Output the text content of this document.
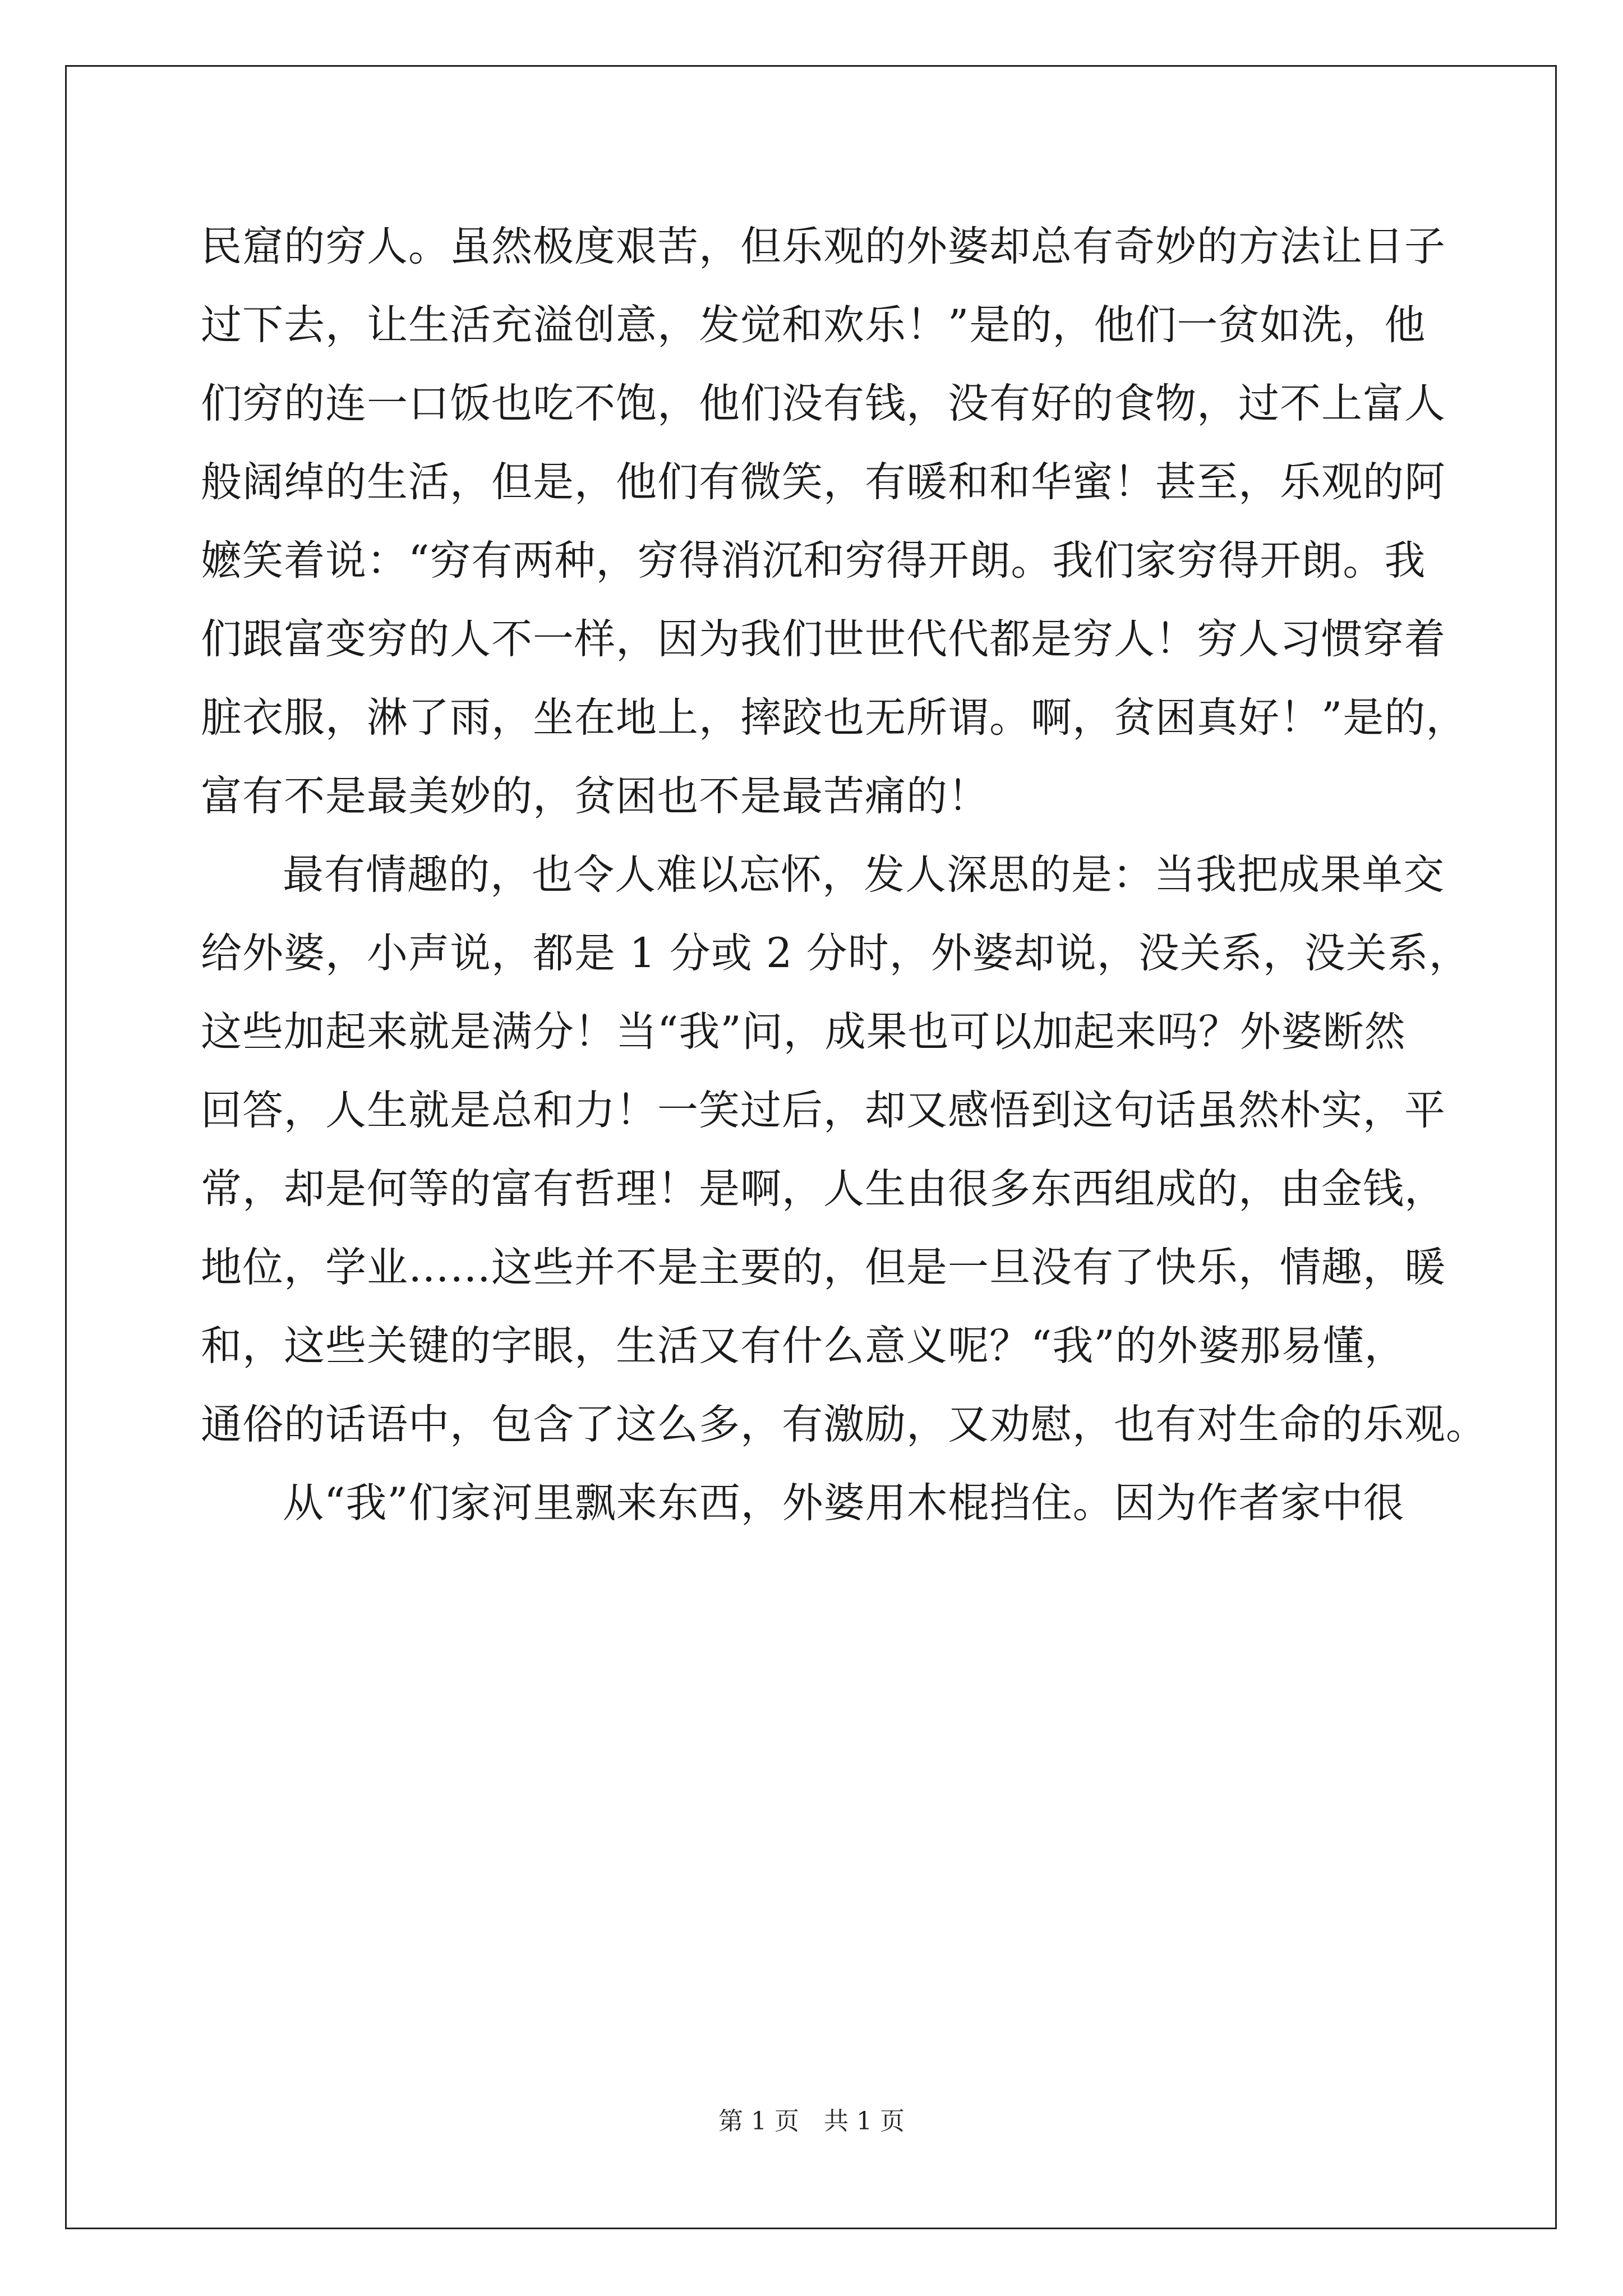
民窟的穷人。虽然极度艰苦，但乐观的外婆却总有奇妙的方法让日子
过下去，让生活充溢创意，发觉和欢乐！”是的，他们一贫如洗，他
们穷的连一口饭也吃不饱，他们没有钱，没有好的食物，过不上富人
般阔绰的生活，但是，他们有微笑，有暖和和华蜜！甚至，乐观的阿
嬷笑着说：“穷有两种，穷得消沉和穷得开朗。我们家穷得开朗。我
们跟富变穷的人不一样，因为我们世世代代都是穷人！穷人习惯穿着
脏衣服，淋了雨，坐在地上，摔跤也无所谓。啊，贫困真好！”是的，
富有不是最美妙的，贫困也不是最苦痛的！
最有情趣的，也令人难以忘怀，发人深思的是：当我把成果单交
给外婆，小声说，都是 1 分或 2 分时，外婆却说，没关系，没关系，
这些加起来就是满分！当“我”问，成果也可以加起来吗？外婆断然
回答，人生就是总和力！一笑过后，却又感悟到这句话虽然朴实，平
常，却是何等的富有哲理！是啊，人生由很多东西组成的，由金钱，
地位，学业……这些并不是主要的，但是一旦没有了快乐，情趣，暖
和，这些关键的字眼，生活又有什么意义呢？“我”的外婆那易懂，
通俗的话语中，包含了这么多，有激励，又劝慰，也有对生命的乐观。
从“我”们家河里飘来东西，外婆用木棍挡住。因为作者家中很
第 1 页　共 1 页
